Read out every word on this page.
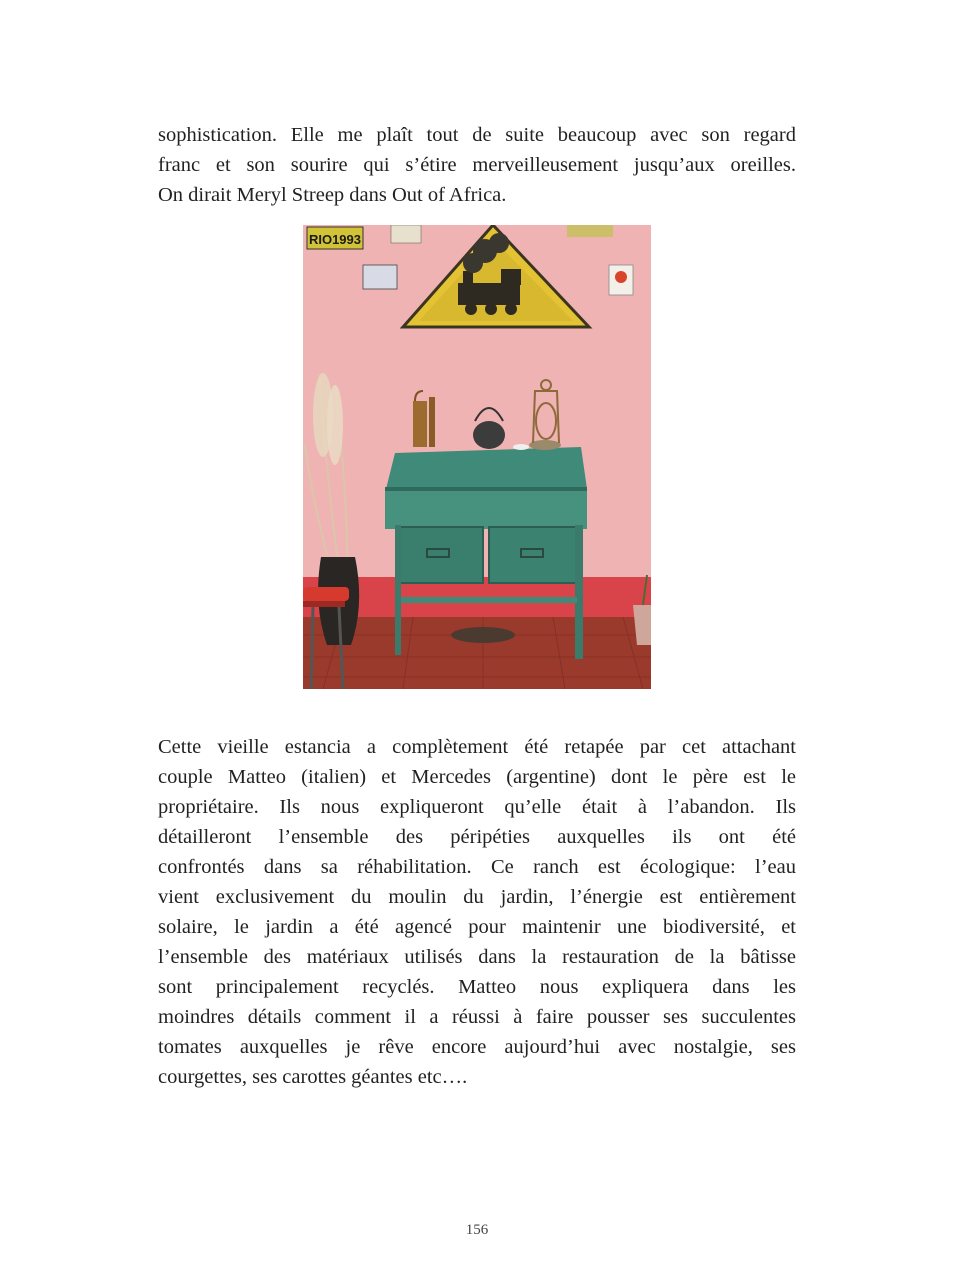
sophistication. Elle me plaît tout de suite beaucoup avec son regard
franc et son sourire qui s’étire merveilleusement jusqu’aux oreilles.
On dirait Meryl Streep dans Out of Africa.
RIO1993
Cette vieille estancia a complètement été retapée par cet attachant
couple Matteo (italien) et Mercedes (argentine) dont le père est le
propriétaire. Ils nous expliqueront qu’elle était à l’abandon. Ils
détailleront l’ensemble des péripéties auxquelles ils ont été
confrontés dans sa réhabilitation. Ce ranch est écologique: l’eau
vient exclusivement du moulin du jardin, l’énergie est entièrement
solaire, le jardin a été agencé pour maintenir une biodiversité, et
l’ensemble des matériaux utilisés dans la restauration de la bâtisse
sont principalement recyclés. Matteo nous expliquera dans les
moindres détails comment il a réussi à faire pousser ses succulentes
tomates auxquelles je rêve encore aujourd’hui avec nostalgie, ses
courgettes, ses carottes géantes etc….
156
